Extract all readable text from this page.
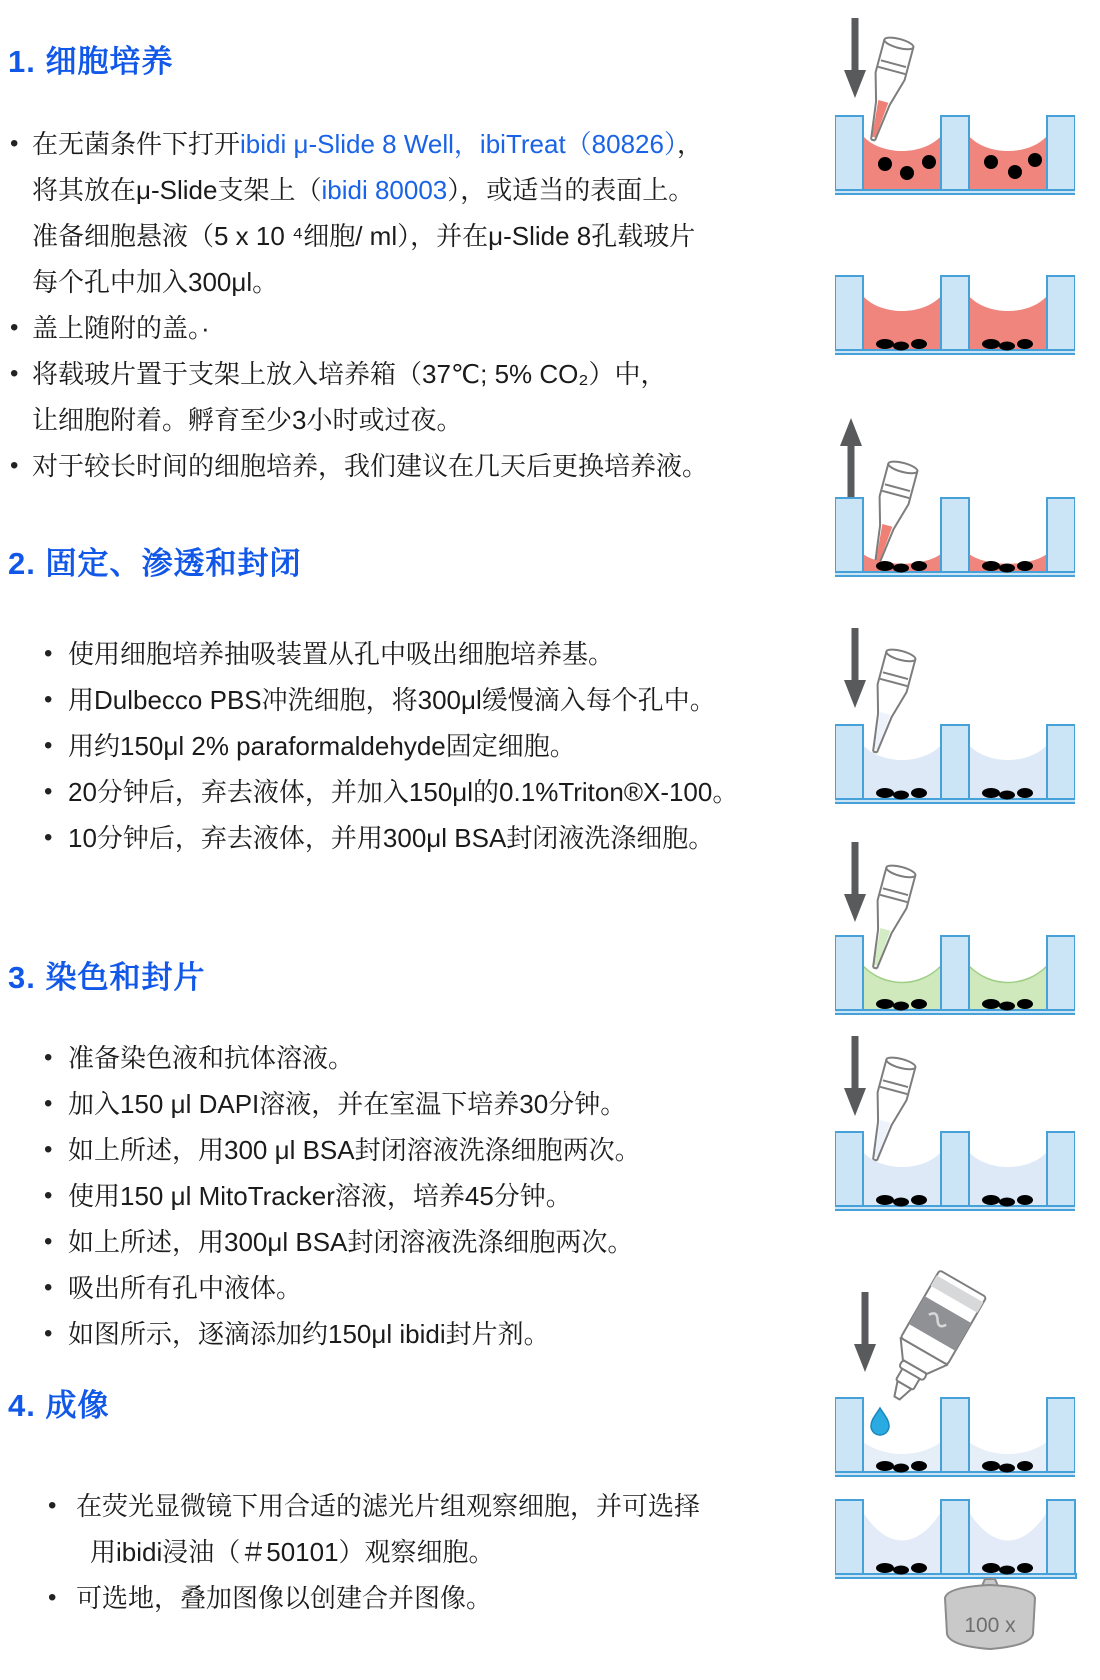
1. 细胞培养
• 在无菌条件下打开ibidi μ-Slide 8 Well，ibiTreat（80826），
将其放在μ-Slide支架上（ibidi 80003），或适当的表面上。
准备细胞悬液（5 x 10 ⁴细胞/ ml），并在μ-Slide 8孔载玻片
每个孔中加入300μl。
• 盖上随附的盖。·
• 将载玻片置于支架上放入培养箱（37℃; 5% CO₂）中，
让细胞附着。孵育至少3小时或过夜。
• 对于较长时间的细胞培养，我们建议在几天后更换培养液。
2. 固定、渗透和封闭
• 使用细胞培养抽吸装置从孔中吸出细胞培养基。
• 用Dulbecco PBS冲洗细胞，将300μl缓慢滴入每个孔中。
• 用约150μl 2% paraformaldehyde固定细胞。
• 20分钟后，弃去液体，并加入150μl的0.1%Triton®X-100。
• 10分钟后，弃去液体，并用300μl BSA封闭液洗涤细胞。
3. 染色和封片
• 准备染色液和抗体溶液。
• 加入150 μl DAPI溶液，并在室温下培养30分钟。
• 如上所述，用300 μl BSA封闭溶液洗涤细胞两次。
• 使用150 μl MitoTracker溶液，培养45分钟。
• 如上所述，用300μl BSA封闭溶液洗涤细胞两次。
• 吸出所有孔中液体。
• 如图所示，逐滴添加约150μl ibidi封片剂。
4. 成像
• 在荧光显微镜下用合适的滤光片组观察细胞，并可选择
用ibidi浸油（＃50101）观察细胞。
• 可选地，叠加图像以创建合并图像。
100 x
